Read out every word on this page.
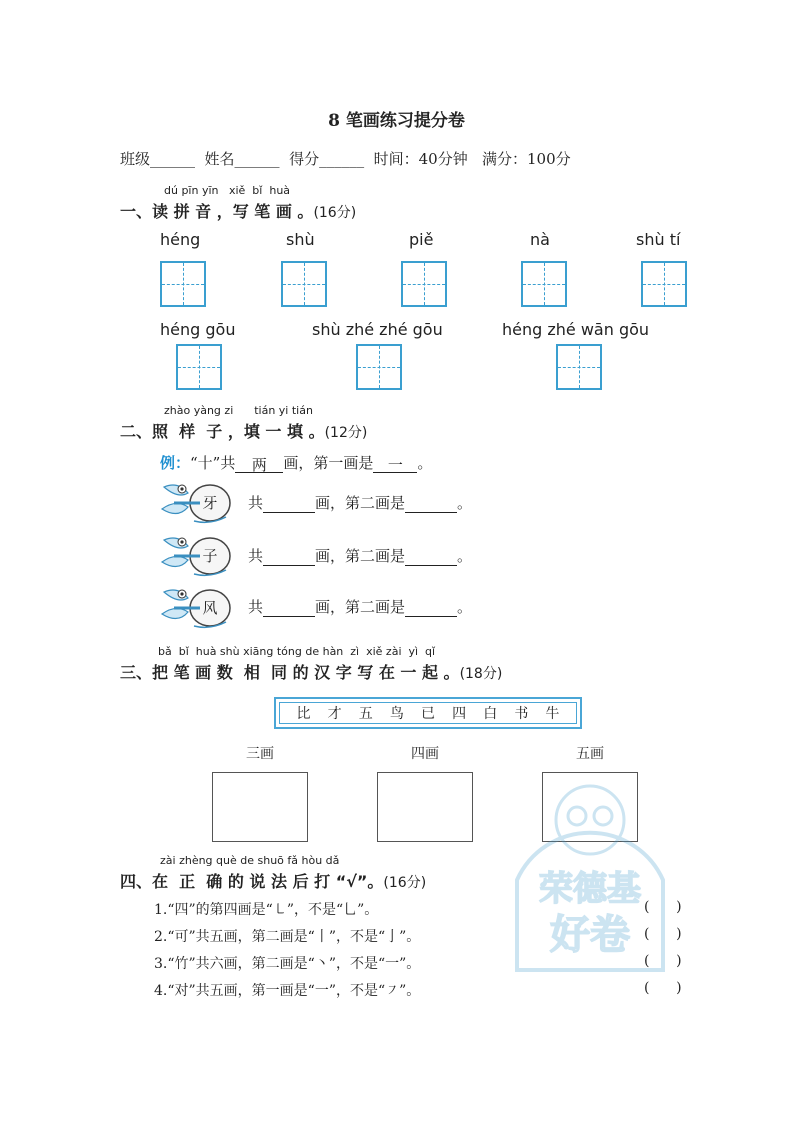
8 笔画练习提分卷
班级______  姓名______  得分______  时间：40分钟   满分：100分
dú pīn yīn   xiě  bǐ  huà
一、读 拼 音 ，写 笔 画 。(16分)
héng	shù	piě	nà	shù tí
héng gōu	shù zhé zhé gōu	héng zhé wān gōu
zhào yàng zi      tián yi tián
二、照  样  子 ，填 一 填 。(12分)
例：“十”共 两 画，第一画是 一 。
牙 共	画，第二画是	。
子 共	画，第二画是	。
风 共	画，第二画是	。
bǎ  bǐ  huà shù xiāng tóng de hàn  zì  xiě zài  yì  qǐ
三、把 笔 画 数  相  同 的 汉 字 写 在 一 起 。(18分)
比 才 五 鸟 已 四 白 书 牛
三画	四画	五画
荣德基
好卷
zài zhèng què de shuō fǎ hòu dǎ
四、在  正  确 的 说 法 后 打 “√”。(16分)
1.“四”的第四画是“㇄”，不是“乚”。	(      )
2.“可”共五画，第二画是“丨”，不是“亅”。	(      )
3.“竹”共六画，第二画是“丶”，不是“一”。	(      )
4.“对”共五画，第一画是“一”，不是“㇇”。	(      )
